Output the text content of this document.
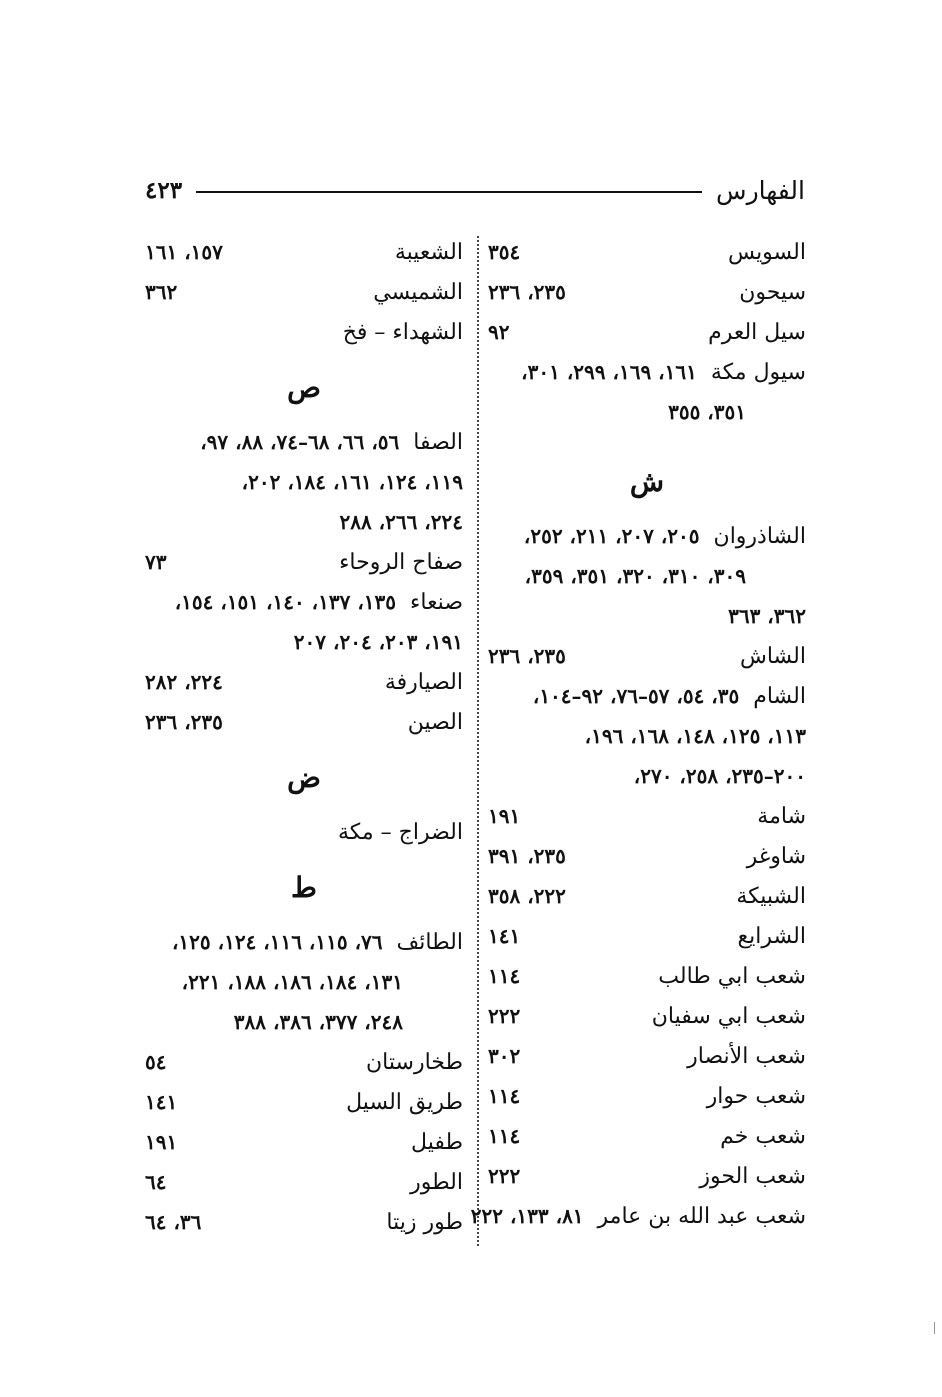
الفهارس
٤٢٣
السويس
٣٥٤
سيحون
٢٣٥، ٢٣٦
سيل العرم
٩٢
سيول مكة
١٦١، ١٦٩، ٢٩٩، ٣٠١،
٣٥١، ٣٥٥
ش
الشاذروان
٢٠٥، ٢٠٧، ٢١١، ٢٥٢،
٣٠٩، ٣١٠، ٣٢٠، ٣٥١، ٣٥٩،
٣٦٢، ٣٦٣
الشاش
٢٣٥، ٢٣٦
الشام
٣٥، ٥٤، ٥٧–٧٦، ٩٢–١٠٤،
١١٣، ١٢٥، ١٤٨، ١٦٨، ١٩٦،
٢٠٠–٢٣٥، ٢٥٨، ٢٧٠،
شامة
١٩١
شاوغر
٢٣٥، ٣٩١
الشبيكة
٢٢٢، ٣٥٨
الشرايع
١٤١
شعب ابي طالب
١١٤
شعب ابي سفيان
٢٢٢
شعب الأنصار
٣٠٢
شعب حوار
١١٤
شعب خم
١١٤
شعب الحوز
٢٢٢
شعب عبد الله بن عامر
٨١، ١٣٣، ٢٢٢
الشعيبة
١٥٧، ١٦١
الشميسي
٣٦٢
الشهداء – فخ
ص
الصفا
٥٦، ٦٦، ٦٨–٧٤، ٨٨، ٩٧،
١١٩، ١٢٤، ١٦١، ١٨٤، ٢٠٢،
٢٢٤، ٢٦٦، ٢٨٨
صفاح الروحاء
٧٣
صنعاء
١٣٥، ١٣٧، ١٤٠، ١٥١، ١٥٤،
١٩١، ٢٠٣، ٢٠٤، ٢٠٧
الصيارفة
٢٢٤، ٢٨٢
الصين
٢٣٥، ٢٣٦
ض
الضراج – مكة
ط
الطائف
٧٦، ١١٥، ١١٦، ١٢٤، ١٢٥،
١٣١، ١٨٤، ١٨٦، ١٨٨، ٢٢١،
٢٤٨، ٣٧٧، ٣٨٦، ٣٨٨
طخارستان
٥٤
طريق السيل
١٤١
طفيل
١٩١
الطور
٦٤
طور زيتا
٣٦، ٦٤
